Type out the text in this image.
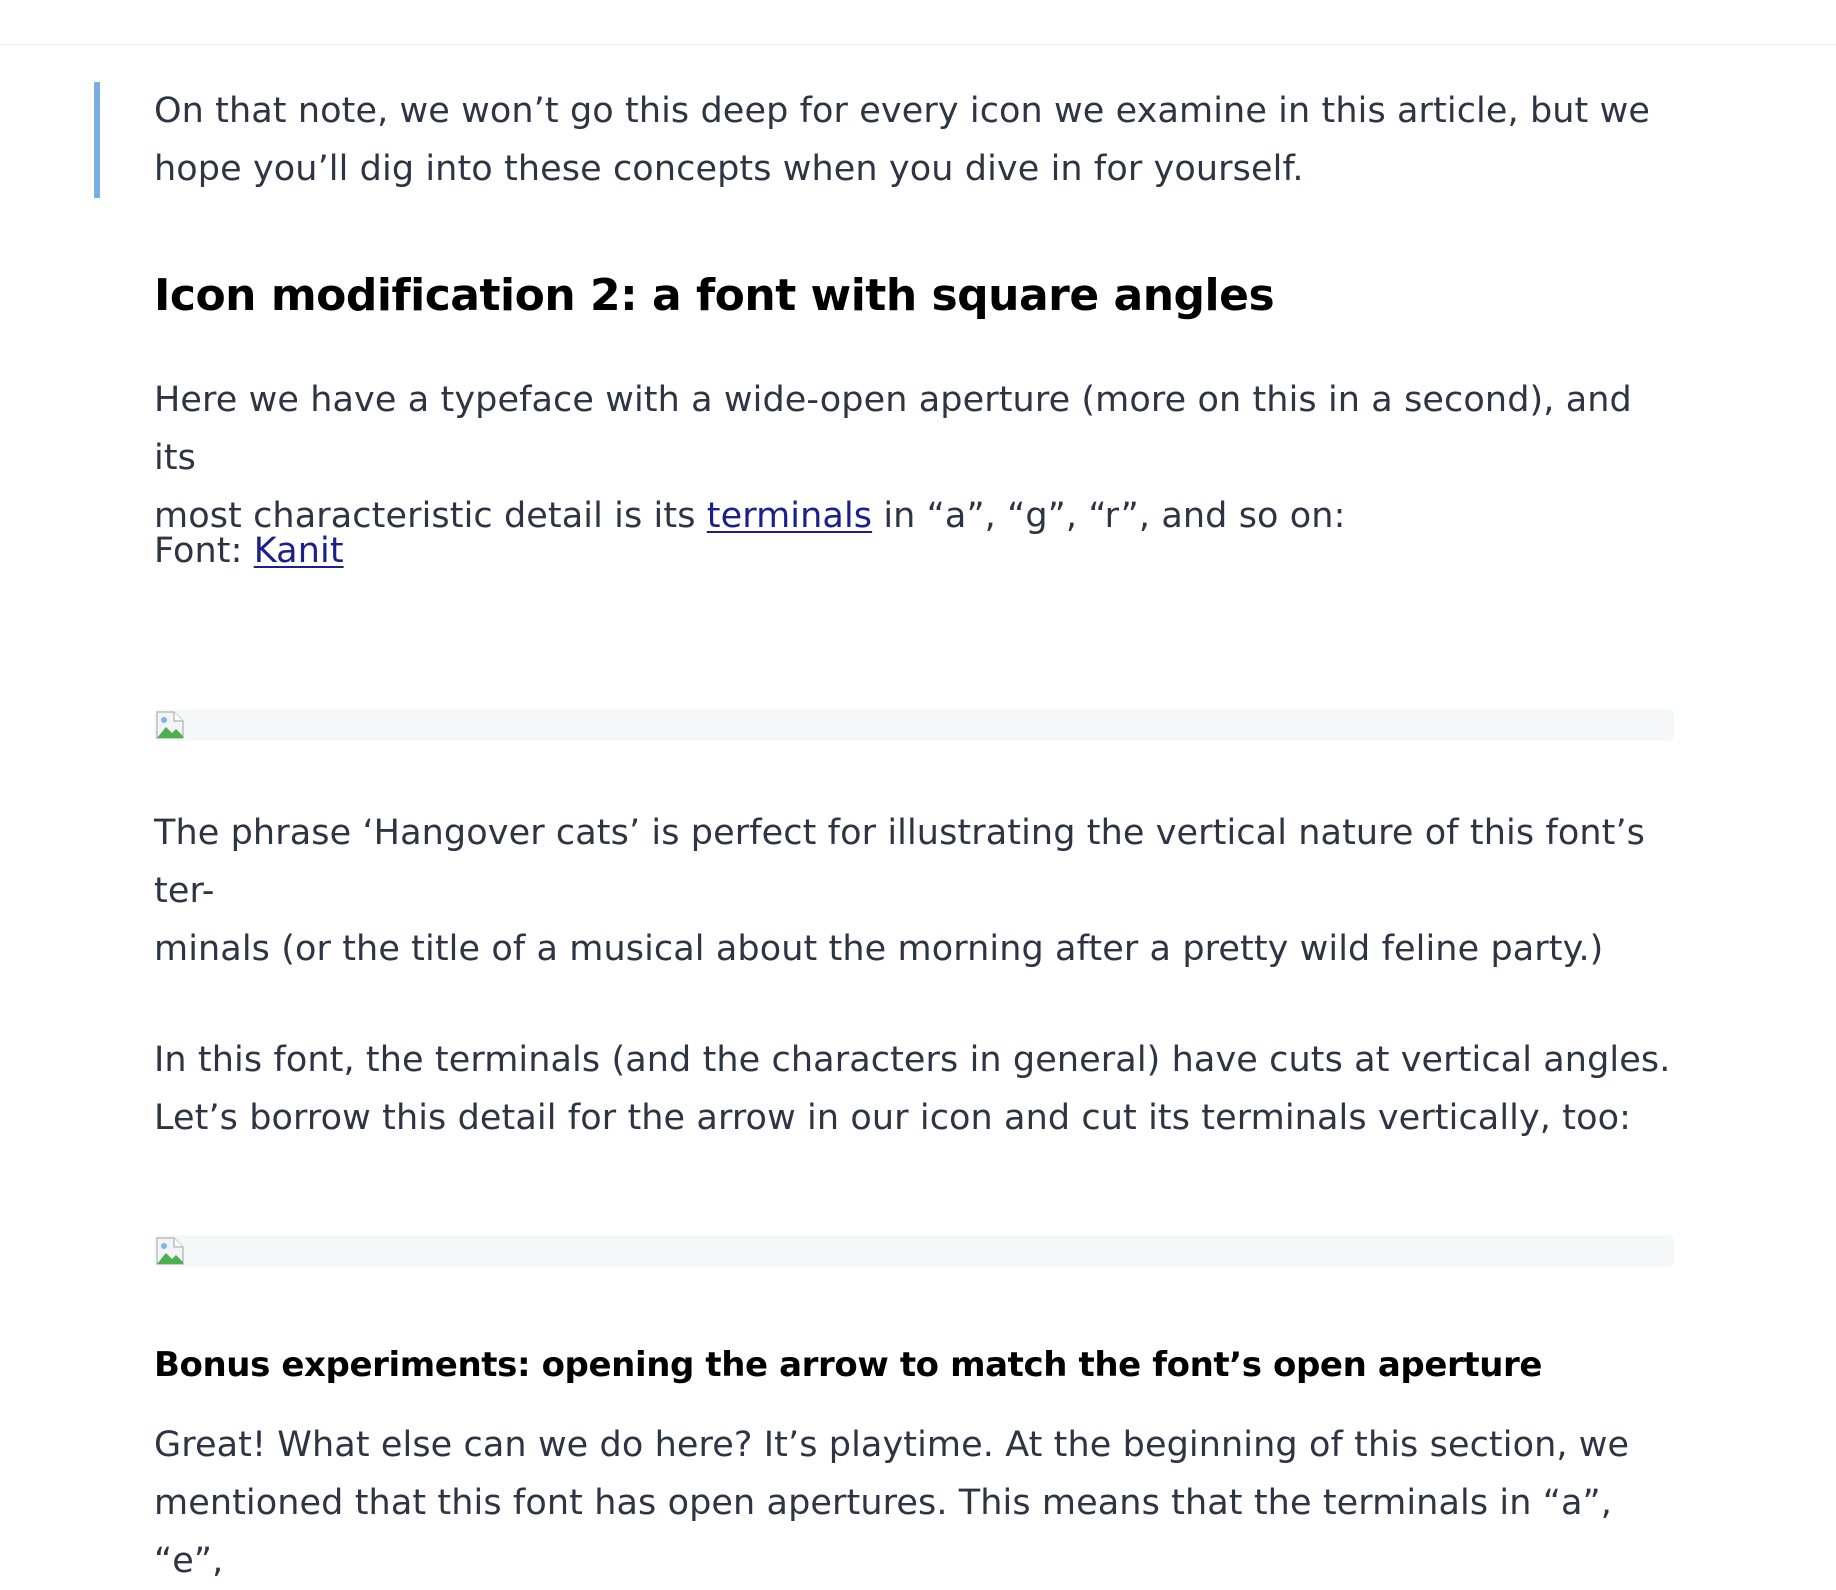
On that note, we won’t go this deep for every icon we examine in this article, but we

hope you’ll dig into these concepts when you dive in for yourself.

Icon modification 2: a font with square angles

Here we have a typeface with a wide-open aperture (more on this in a second), and its

most characteristic detail is its terminals in “a”, “g”, “r”, and so on:

Font: Kanit

The phrase ‘Hangover cats’ is perfect for illustrating the vertical nature of this font’s ter-

minals (or the title of a musical about the morning after a pretty wild feline party.)

In this font, the terminals (and the characters in general) have cuts at vertical angles.

Let’s borrow this detail for the arrow in our icon and cut its terminals vertically, too:

Bonus experiments: opening the arrow to match the font’s open aperture

Great! What else can we do here? It’s playtime. At the beginning of this section, we

mentioned that this font has open apertures. This means that the terminals in “a”, “e”,
